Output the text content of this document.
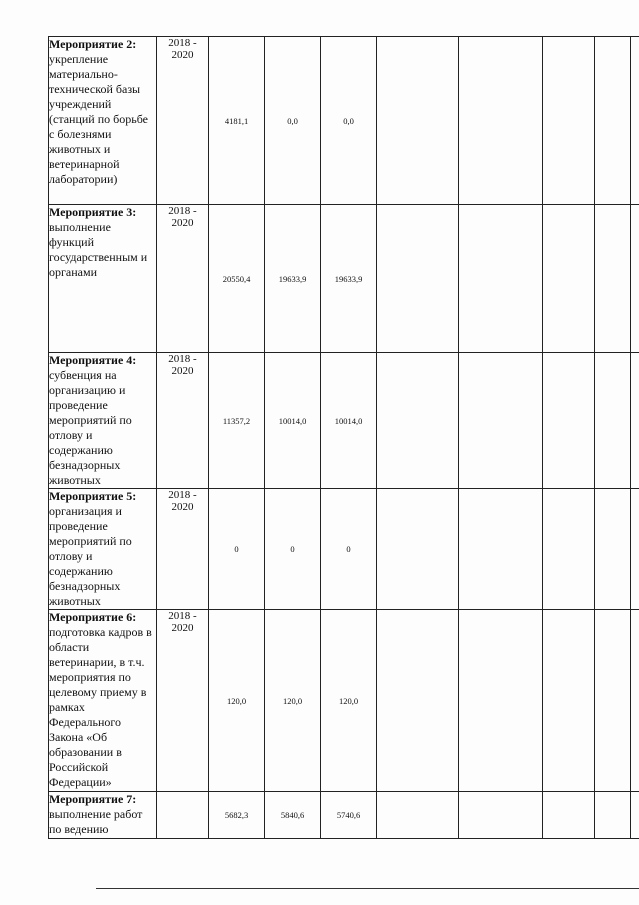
Мероприятие 2:
укрепление материально-технической базы учреждений (станций по борьбе с болезнями животных и ветеринарной лаборатории)	2018 - 2020	4181,1	0,0	0,0						

Мероприятие 3:
выполнение функций государственным и органами	2018 - 2020	20550,4	19633,9	19633,9						

Мероприятие 4:
субвенция на организацию и проведение мероприятий по отлову и содержанию безнадзорных животных	2018 - 2020	11357,2	10014,0	10014,0						

Мероприятие 5:
организация и проведение мероприятий по отлову и содержанию безнадзорных животных	2018 - 2020	0	0	0						

Мероприятие 6:
подготовка кадров в области ветеринарии, в т.ч. мероприятия по целевому приему в рамках Федерального Закона «Об образовании в Российской Федерации»	2018 - 2020	120,0	120,0	120,0						

Мероприятие 7:
выполнение работ по ведению		5682,3	5840,6	5740,6						
